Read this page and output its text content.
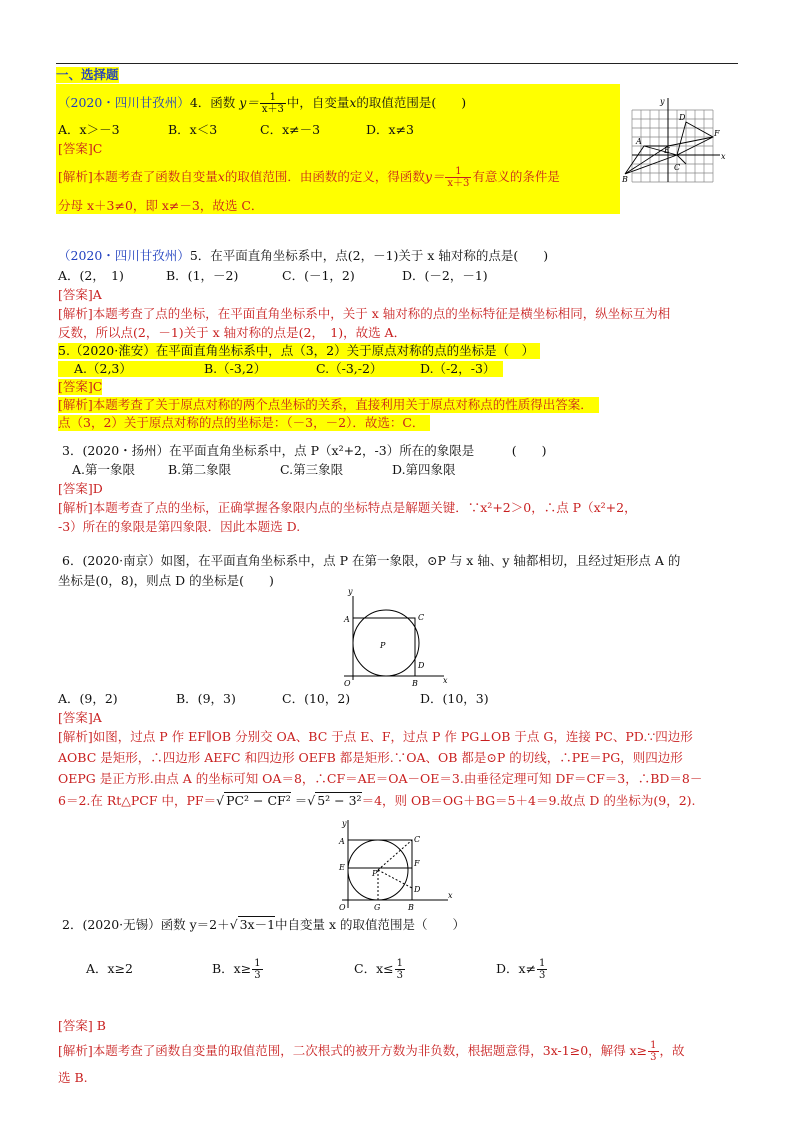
一、选择题
（2020・四川甘孜州）4．函数 $y= \frac{1}{x+3}$ 中，自变量x的取值范围是(　　)
A．x＞－3	B．x＜3	C．x≠－3	D．x≠3
[答案]C
[解析]本题考查了函数自变量x的取值范围．由函数的定义，得函数$y= \frac{1}{x+3}$ 有意义的条件是
分母 x＋3≠0，即 x≠－3，故选 C．
y
x
D
F
A
E
C
B
（2020・四川甘孜州）5．在平面直角坐标系中，点(2，－1)关于 x 轴对称的点是(　　)
A．(2，　1)	B．(1，－2)	C．(－1，2)	D．(－2，－1)
[答案]A
[解析]本题考查了点的坐标，在平面直角坐标系中，关于 x 轴对称的点的坐标特征是横坐标相同，纵坐标互为相
反数，所以点(2，－1)关于 x 轴对称的点是(2，　1)，故选 A．
5.（2020·淮安）在平面直角坐标系中，点（3，2）关于原点对称的点的坐标是（　）
A.（2,3）	B.（-3,2）	C.（-3,-2）	D.（-2，-3）
[答案]C
[解析]本题考查了关于原点对称的两个点坐标的关系，直接利用关于原点对称点的性质得出答案．
点（3，2）关于原点对称的点的坐标是：（－3，－2）．故选：C．
3．(2020・扬州）在平面直角坐标系中，点 P（x²+2，-3）所在的象限是　　　(　　)
A.第一象限	B.第二象限	C.第三象限	D.第四象限
[答案]D
[解析]本题考查了点的坐标，正确掌握各象限内点的坐标特点是解题关键．∵x²+2＞0，∴点 P（x²+2，
-3）所在的象限是第四象限．因此本题选 D.
6．(2020·南京）如图，在平面直角坐标系中，点 P 在第一象限，⊙P 与 x 轴、y 轴都相切，且经过矩形点 A 的
坐标是(0，8)，则点 D 的坐标是(　　)
y
x
A	C
P
D
O	B
A．(9，2)	B．(9，3)	C．(10，2)	D．(10，3)
[答案]A
[解析]如图，过点 P 作 EF∥OB 分别交 OA、BC 于点 E、F，过点 P 作 PG⊥OB 于点 G，连接 PC、PD.∵四边形
AOBC 是矩形，∴四边形 AEFC 和四边形 OEFB 都是矩形.∵OA、OB 都是⊙P 的切线，∴PE＝PG，则四边形
OEPG 是正方形.由点 A 的坐标可知 OA＝8，∴CF＝AE＝OA－OE＝3.由垂径定理可知 DF＝CF＝3，∴BD＝8－
6＝2.在 Rt△PCF 中，PF＝√ PC² − CF² ＝√ 5² − 3²＝4，则 OB＝OG＋BG＝5＋4＝9.故点 D 的坐标为(9，2).
y
x
A	C
E	F
P
D
O	G	B
2．(2020·无锡）函数 y＝2＋√ 3x－1中自变量 x 的取值范围是（　　）
A．x≥2	B．$x\ge \frac{1}{3}$	C．$x\le \frac{1}{3}$	D．$x\ne \frac{1}{3}$
[答案] B
[解析]本题考查了函数自变量的取值范围，二次根式的被开方数为非负数，根据题意得，3x-1≥0，解得 $x\ge \frac{1}{3}$ ，故
选 B.
